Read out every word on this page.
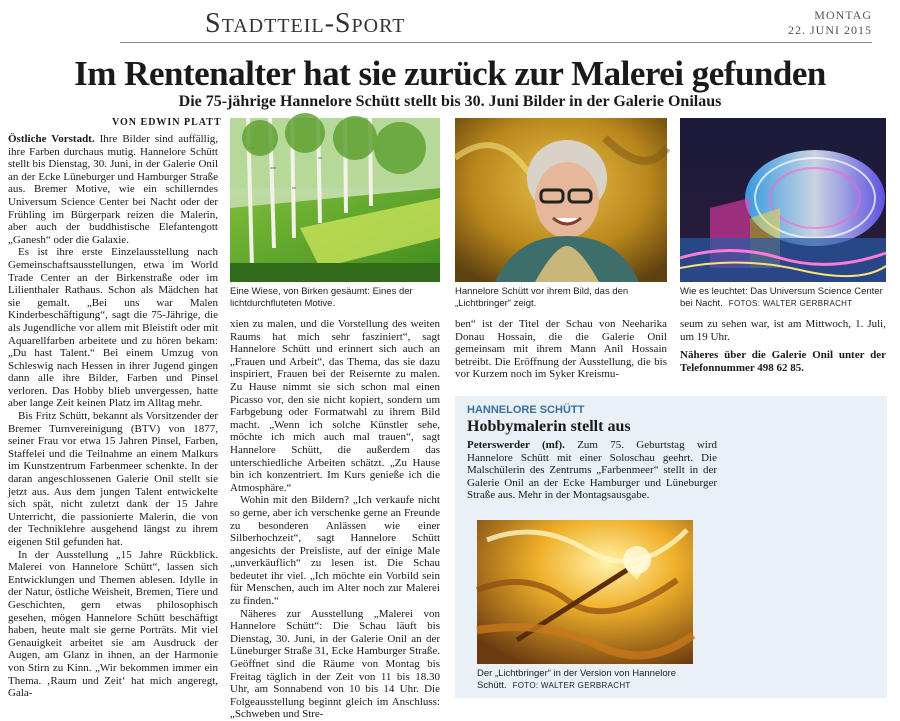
Stadtteil-Sport	MONTAG
22. JUNI 2015
Im Rentenalter hat sie zurück zur Malerei gefunden
Die 75-jährige Hannelore Schütt stellt bis 30. Juni Bilder in der Galerie Onilaus
VON EDWIN PLATT

Östliche Vorstadt. Ihre Bilder sind auffällig, ihre Farben durchaus mutig. Hannelore Schütt stellt bis Dienstag, 30. Juni, in der Galerie Onil an der Ecke Lüneburger und Hamburger Straße aus. Bremer Motive, wie ein schillerndes Universum Science Center bei Nacht oder der Frühling im Bürgerpark reizen die Malerin, aber auch der buddhistische Elefantengott „Ganesh“ oder die Galaxie.

Es ist ihre erste Einzelausstellung nach Gemeinschaftsausstellungen, etwa im World Trade Center an der Birkenstraße oder im Lilienthaler Rathaus. Schon als Mädchen hat sie gemalt. „Bei uns war Malen Kinderbeschäftigung“, sagt die 75-Jährige, die als Jugendliche vor allem mit Bleistift oder mit Aquarellfarben arbeitete und zu hören bekam: „Du hast Talent.“ Bei einem Umzug von Schleswig nach Hessen in ihrer Jugend gingen dann alle ihre Bilder, Farben und Pinsel verloren. Das Hobby blieb unvergessen, hatte aber lange Zeit keinen Platz im Alltag mehr.

Bis Fritz Schütt, bekannt als Vorsitzender der Bremer Turnvereinigung (BTV) von 1877, seiner Frau vor etwa 15 Jahren Pinsel, Farben, Staffelei und die Teilnahme an einem Malkurs im Kunstzentrum Farbenmeer schenkte. In der daran angeschlossenen Galerie Onil stellt sie jetzt aus. Aus dem jungen Talent entwickelte sich spät, nicht zuletzt dank der 15 Jahre Unterricht, die passionierte Malerin, die von der Techniklehre ausgehend längst zu ihrem eigenen Stil gefunden hat.

In der Ausstellung „15 Jahre Rückblick. Malerei von Hannelore Schütt“, lassen sich Entwicklungen und Themen ablesen. Idylle in der Natur, östliche Weisheit, Bremen, Tiere und Geschichten, gern etwas philosophisch gesehen, mögen Hannelore Schütt beschäftigt haben, heute malt sie gerne Porträts. Mit viel Genauigkeit arbeitet sie am Ausdruck der Augen, am Glanz in ihnen, an der Harmonie von Stirn zu Kinn. „Wir bekommen immer ein Thema. ‚Raum und Zeit‘ hat mich angeregt, Gala-

Eine Wiese, von Birken gesäumt: Eines der lichtdurchfluteten Motive.
Hannelore Schütt vor ihrem Bild, das den „Lichtbringer“ zeigt.
Wie es leuchtet: Das Universum Science Center bei Nacht. FOTOS: WALTER GERBRACHT

xien zu malen, und die Vorstellung des weiten Raums hat mich sehr fasziniert“, sagt Hannelore Schütt und erinnert sich auch an „Frauen und Arbeit“, das Thema, das sie dazu inspiriert, Frauen bei der Reisernte zu malen. Zu Hause nimmt sie sich schon mal einen Picasso vor, den sie nicht kopiert, sondern um Farbgebung oder Formatwahl zu ihrem Bild macht. „Wenn ich solche Künstler sehe, möchte ich mich auch mal trauen“, sagt Hannelore Schütt, die außerdem das unterschiedliche Arbeiten schätzt. „Zu Hause bin ich konzentriert. Im Kurs genieße ich die Atmosphäre.“

Wohin mit den Bildern? „Ich verkaufe nicht so gerne, aber ich verschenke gerne an Freunde zu besonderen Anlässen wie einer Silberhochzeit“, sagt Hannelore Schütt angesichts der Preisliste, auf der einige Male „unverkäuflich“ zu lesen ist. Die Schau bedeutet ihr viel. „Ich möchte ein Vorbild sein für Menschen, auch im Alter noch zur Malerei zu finden.“

Näheres zur Ausstellung „Malerei von Hannelore Schütt“: Die Schau läuft bis Dienstag, 30. Juni, in der Galerie Onil an der Lüneburger Straße 31, Ecke Hamburger Straße. Geöffnet sind die Räume von Montag bis Freitag täglich in der Zeit von 11 bis 18.30 Uhr, am Sonnabend von 10 bis 14 Uhr. Die Folgeausstellung beginnt gleich im Anschluss: „Schweben und Stre-

ben“ ist der Titel der Schau von Neeharika Donau Hossain, die die Galerie Onil gemeinsam mit ihrem Mann Anil Hossain betreibt. Die Eröffnung der Ausstellung, die bis vor Kurzem noch im Syker Kreismu-

seum zu sehen war, ist am Mittwoch, 1. Juli, um 19 Uhr.

Näheres über die Galerie Onil unter der Telefonnummer 498 62 85.

HANNELORE SCHÜTT
Hobbymalerin stellt aus
Peterswerder (mf). Zum 75. Geburtstag wird Hannelore Schütt mit einer Soloschau geehrt. Die Malschülerin des Zentrums „Farbenmeer“ stellt in der Galerie Onil an der Ecke Hamburger und Lüneburger Straße aus. Mehr in der Montagsausgabe.
Der „Lichtbringer“ in der Version von Hannelore Schütt. FOTO: WALTER GERBRACHT
